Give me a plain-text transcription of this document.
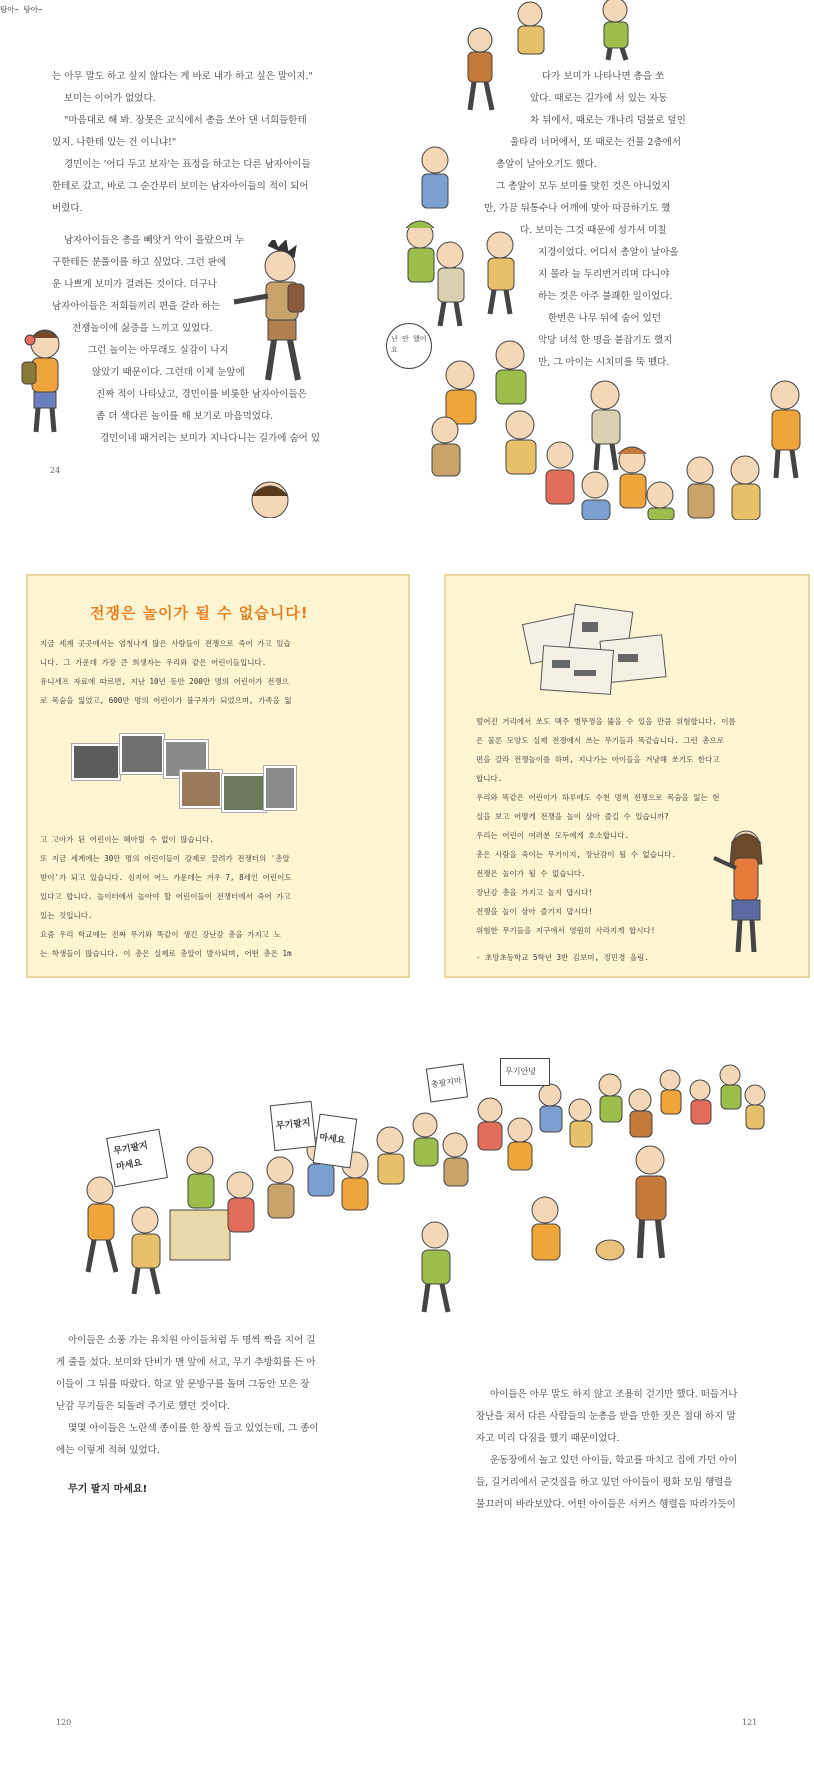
는 아무 말도 하고 싶지 않다는 게 바로 내가 하고 싶은 말이지."

보미는 이어가 없었다.

"마음대로 해 봐. 장못은 교식에서 총을 쏘아 댄 너희들한테

있지. 나한테 있는 건 이니냐!"

경민이는 '어디 두고 보자'는 표정을 하고는 다른 남자아이들

한테로 갔고, 바로 그 순간부터 보미는 남자아이들의 적이 되어

버렸다.

남자아이들은 총을 빼앗거 악이 올랐으며 누

구한테든 분풀이를 하고 싶었다. 그런 판에

운 나쁘게 보미가 걸려든 것이다. 더구나

남자아이들은 저희들끼리 편을 갈라 하는

전쟁놀이에 싫증을 느끼고 있었다.

그런 놀이는 아무래도 실감이 나지

않았기 때문이다. 그런데 이제 눈앞에

진짜 적이 나타났고, 경민이를 비롯한 남자아이들은

좀 더 색다른 놀이를 해 보기로 마음먹었다.

경민이네 패거리는 보미가 지나다니는 길가에 숨어 있

24

다가 보미가 나타나면 총을 쏘

았다. 때로는 길가에 서 있는 자동

차 뒤에서, 때로는 개나리 덤불로 덮인

울타리 너머에서, 또 때로는 건물 2층에서

총알이 날아오기도 했다.

그 총알이 모두 보미를 맞힌 것은 아니었지

만, 가끔 뒤통수나 어깨에 맞아 따끔하기도 했

다. 보미는 그것 때문에 성가셔 미칠

지경이었다. 어디서 총알이 날아올

지 몰라 늘 두리번거리며 다니야

하는 것은 아주 불쾌한 일이었다.

한번은 나무 뒤에 숨어 있던

악당 녀석 한 명을 붙잡기도 했지

만, 그 아이는 시치미를 뚝 뗐다.

탕아~ 탕아~
난 안 했어요
전쟁은 놀이가 될 수 없습니다!
지금 세계 곳곳에서는 엄청나게 많은 사람들이 전쟁으로 죽어 가고 있습
니다. 그 가운데 가장 큰 희생자는 우리와 같은 어린이들입니다.
유니세프 자료에 따르면, 지난 10년 동안 200만 명의 어린이가 전쟁으
로 목숨을 잃었고, 600만 명의 어린이가 불구자가 되었으며, 가족을 잃
고 고아가 된 어린이는 헤아릴 수 없이 많습니다.
또 지금 세계에는 30만 명의 어린이들이 강제로 끌려가 전쟁터의 '총알
받이'가 되고 있습니다. 심지어 어느 가운데는 겨우 7, 8세인 어린이도
있다고 합니다. 놀이터에서 놀아야 할 어린이들이 전쟁터에서 죽어 가고
있는 것입니다.
요즘 우리 학교에는 진짜 무기와 똑같이 생긴 장난감 총을 가지고 노
는 학생들이 많습니다. 이 총은 실제로 총알이 발사되며, 어떤 총은 1m
떨어진 거리에서 쏘도 맥주 병뚜껑을 뚫을 수 있을 만큼 위험합니다. 이름
은 물론 모양도 실제 전쟁에서 쓰는 무기들과 똑같습니다. 그런 총으로
편을 갈라 전쟁놀이를 하며, 지나가는 아이들을 겨냥해 쏘기도 한다고
합니다.
우리와 똑같은 어린이가 하루에도 수천 명씩 전쟁으로 목숨을 잃는 현
실을 보고 어떻게 전쟁을 놀이 삼아 즐길 수 있습니까?
우리는 어린이 여러분 모두에게 호소합니다.
총은 사람을 죽이는 무기이지, 장난감이 될 수 없습니다.
전쟁은 놀이가 될 수 없습니다.
장난감 총을 가지고 놀지 맙시다!
전쟁을 놀이 삼아 즐기지 맙시다!
위험한 무기들을 지구에서 영원히 사라지게 합시다!
- 초망초등학교 5학년 3반 김보미, 정민경 올림.
무기팔지 마세요
무기팔지
마세요
총팔지마
무기안녕

아이들은 소풍 가는 유치원 아이들처럼 두 명씩 짝을 지어 길

게 줄을 섰다. 보미와 단비가 맨 앞에 서고, 무기 추방회를 든 아

이들이 그 뒤를 따랐다. 학교 앞 문방구를 돌며 그동안 모은 장

난감 무기들은 되돌려 주기로 했던 것이다.

몇몇 아이들은 노란색 종이를 한 장씩 들고 있었는데, 그 종이

에는 이렇게 적혀 있었다.

무기 팔지 마세요!

아이들은 아무 말도 하지 않고 조용히 걷기만 했다. 떠들거나

장난을 쳐서 다른 사람들의 눈총을 받을 만한 짓은 절대 하지 말

자고 미리 다짐을 했기 때문이었다.

운동장에서 놀고 있던 아이들, 학교를 마치고 집에 가던 아이

들, 길거리에서 군것질을 하고 있던 아이들이 평화 모임 행렬을

물끄러미 바라보았다. 어떤 아이들은 서커스 행렬을 따라가듯이

120	121
